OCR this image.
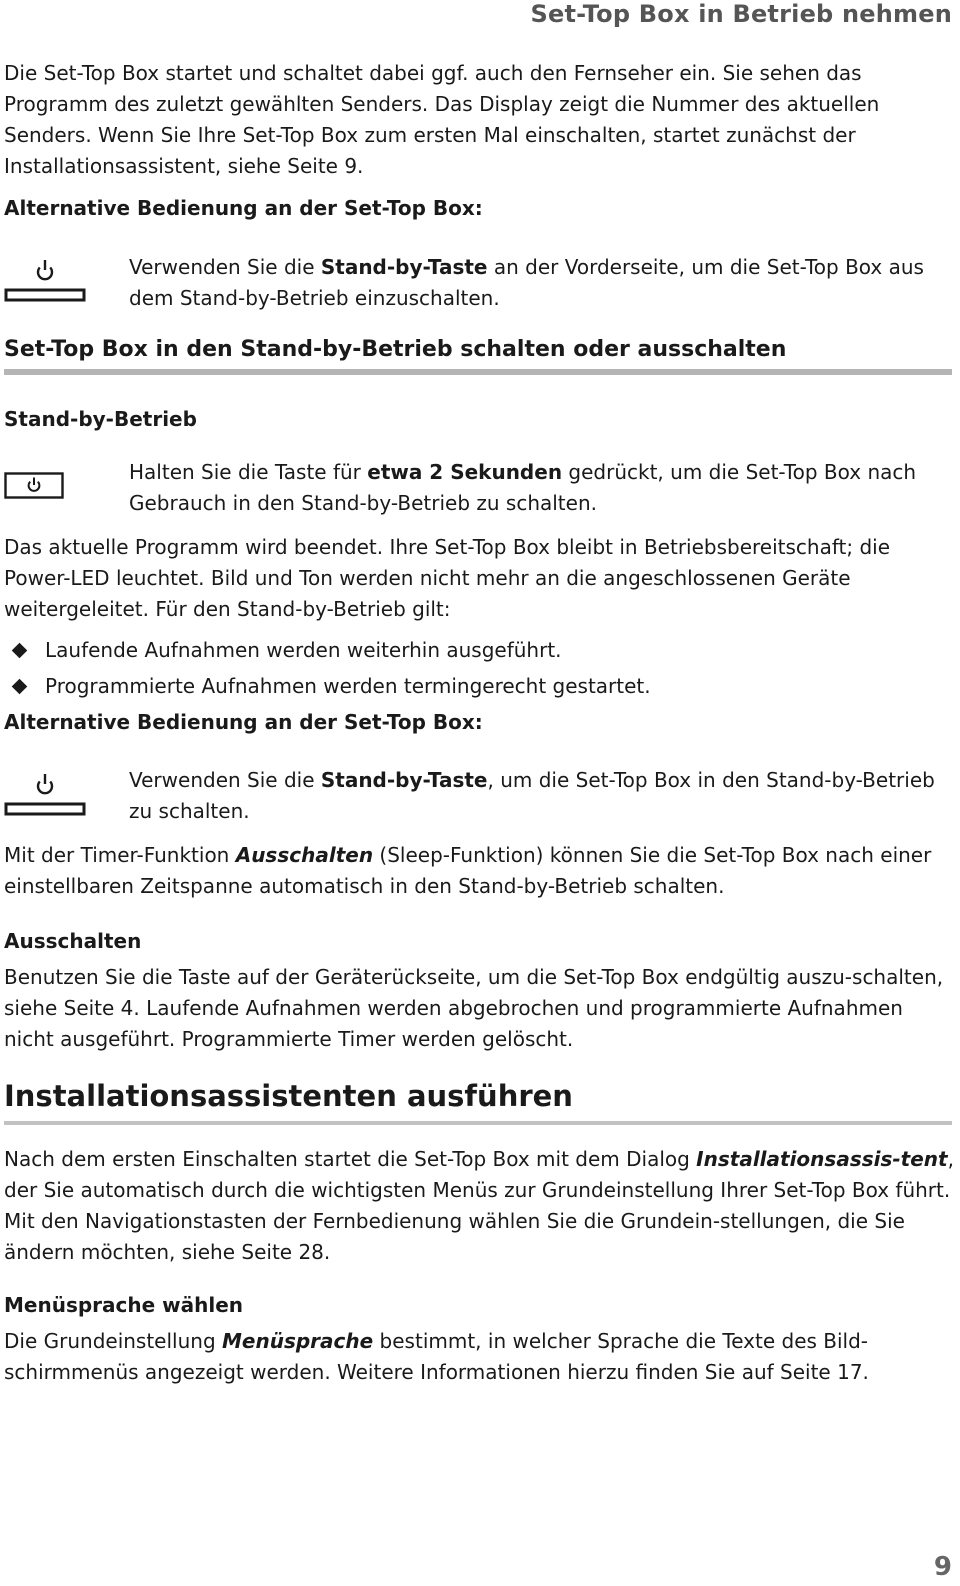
Set-Top Box in Betrieb nehmen

Die Set-Top Box startet und schaltet dabei ggf. auch den Fernseher ein. Sie sehen das Programm des zuletzt gewählten Senders. Das Display zeigt die Nummer des aktuellen Senders. Wenn Sie Ihre Set-Top Box zum ersten Mal einschalten, startet zunächst der Installationsassistent, siehe Seite 9.

Alternative Bedienung an der Set-Top Box:

Verwenden Sie die Stand-by-Taste an der Vorderseite, um die Set-Top Box aus dem Stand-by-Betrieb einzuschalten.

Set-Top Box in den Stand-by-Betrieb schalten oder ausschalten
Stand-by-Betrieb

Halten Sie die Taste für etwa 2 Sekunden gedrückt, um die Set-Top Box nach Gebrauch in den Stand-by-Betrieb zu schalten.

Das aktuelle Programm wird beendet. Ihre Set-Top Box bleibt in Betriebsbereitschaft; die Power-LED leuchtet. Bild und Ton werden nicht mehr an die angeschlossenen Geräte weitergeleitet. Für den Stand-by-Betrieb gilt:

Laufende Aufnahmen werden weiterhin ausgeführt.
Programmierte Aufnahmen werden termingerecht gestartet.
Alternative Bedienung an der Set-Top Box:

Verwenden Sie die Stand-by-Taste, um die Set-Top Box in den Stand-by-Betrieb zu schalten.

Mit der Timer-Funktion Ausschalten (Sleep-Funktion) können Sie die Set-Top Box nach einer einstellbaren Zeitspanne automatisch in den Stand-by-Betrieb schalten.

Ausschalten

Benutzen Sie die Taste auf der Geräterückseite, um die Set-Top Box endgültig auszu-schalten, siehe Seite 4. Laufende Aufnahmen werden abgebrochen und programmierte Aufnahmen nicht ausgeführt. Programmierte Timer werden gelöscht.

Installationsassistenten ausführen

Nach dem ersten Einschalten startet die Set-Top Box mit dem Dialog Installationsassis-tent, der Sie automatisch durch die wichtigsten Menüs zur Grundeinstellung Ihrer Set-Top Box führt. Mit den Navigationstasten der Fernbedienung wählen Sie die Grundein-stellungen, die Sie ändern möchten, siehe Seite 28.

Menüsprache wählen

Die Grundeinstellung Menüsprache bestimmt, in welcher Sprache die Texte des Bild-schirmmenüs angezeigt werden. Weitere Informationen hierzu finden Sie auf Seite 17.

9
